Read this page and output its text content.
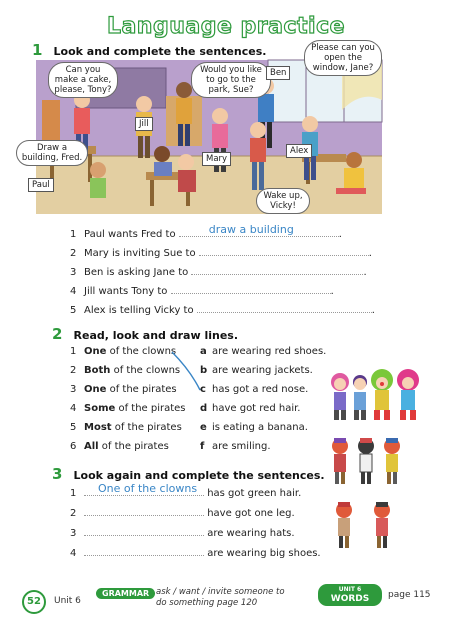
Language practice
1 Look and complete the sentences.
Can you make a cake, please, Tony?
Would you like to go to the park, Sue?
Please can you open the window, Jane?
Draw a building, Fred.
Wake up, Vicky!
Jill
Ben
Mary
Alex
Paul
1 Paul wants Fred to	draw a building	.
2 Mary is inviting Sue to	.
3 Ben is asking Jane to	.
4 Jill wants Tony to	.
5 Alex is telling Vicky to	.
2 Read, look and draw lines.
1 One of the clowns
2 Both of the clowns
3 One of the pirates
4 Some of the pirates
5 Most of the pirates
6 All of the pirates
a are wearing red shoes.
b are wearing jackets.
c has got a red nose.
d have got red hair.
e is eating a banana.
f are smiling.
3 Look again and complete the sentences.
1 One of the clowns has got green hair.
2	have got one leg.
3	are wearing hats.
4	are wearing big shoes.
52	Unit 6
GRAMMAR ask / want / invite someone to
do something page 120
UNIT 6
WORDS	page 115
